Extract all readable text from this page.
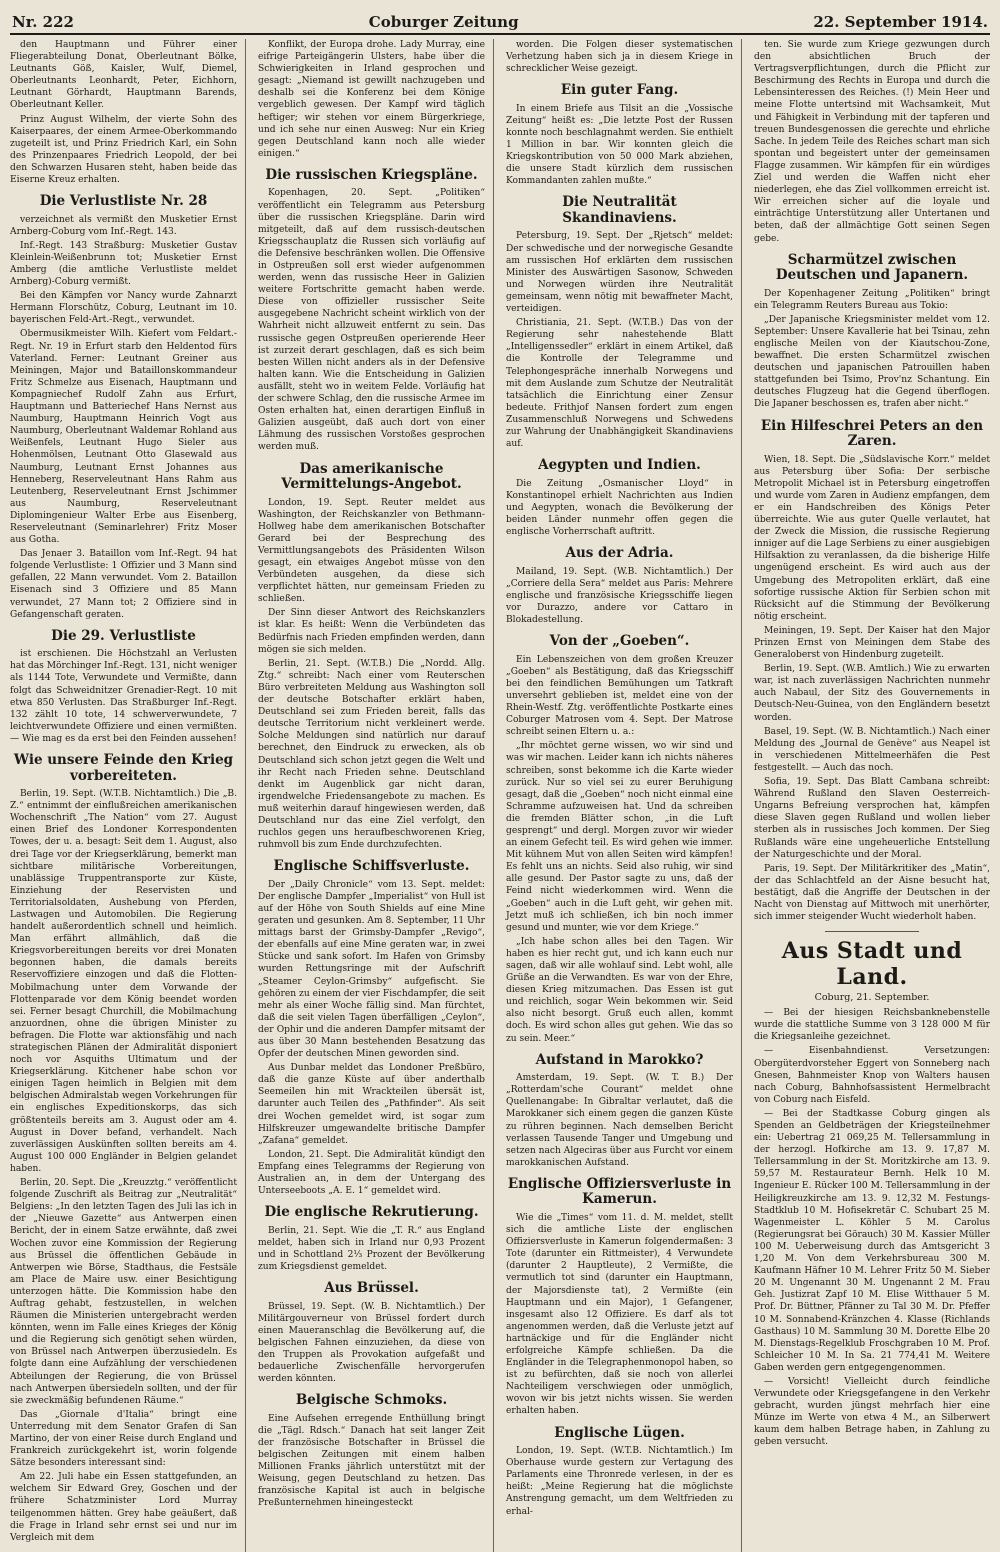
Nr. 222	Coburger Zeitung	22. September 1914.

den Hauptmann und Führer einer Fliegerabteilung Donat, Oberleutnant Bölke, Leutnants Göß, Kaisler, Wulf, Diemel, Oberleutnants Leonhardt, Peter, Eichhorn, Leutnant Görhardt, Hauptmann Barends, Oberleutnant Keller.

Prinz August Wilhelm, der vierte Sohn des Kaiserpaares, der einem Armee-Oberkommando zugeteilt ist, und Prinz Friedrich Karl, ein Sohn des Prinzenpaares Friedrich Leopold, der bei den Schwarzen Husaren steht, haben beide das Eiserne Kreuz erhalten.

Die Verlustliste Nr. 28

verzeichnet als vermißt den Musketier Ernst Arnberg-Coburg vom Inf.-Regt. 143.

Inf.-Regt. 143 Straßburg: Musketier Gustav Kleinlein-Weißenbrunn tot; Musketier Ernst Amberg (die amtliche Verlustliste meldet Arnberg)-Coburg vermißt.

Bei den Kämpfen vor Nancy wurde Zahnarzt Hermann Florschütz, Coburg, Leutnant im 10. bayerischen Feld-Art.-Regt., verwundet.

Obermusikmeister Wilh. Kiefert vom Feldart.-Regt. Nr. 19 in Erfurt starb den Heldentod fürs Vaterland. Ferner: Leutnant Greiner aus Meiningen, Major und Bataillonskommandeur Fritz Schmelze aus Eisenach, Hauptmann und Kompagniechef Rudolf Zahn aus Erfurt, Hauptmann und Batteriechef Hans Nernst aus Naumburg, Hauptmann Heinrich Vogt aus Naumburg, Oberleutnant Waldemar Rohland aus Weißenfels, Leutnant Hugo Sieler aus Hohenmölsen, Leutnant Otto Glasewald aus Naumburg, Leutnant Ernst Johannes aus Henneberg, Reserveleutnant Hans Rahm aus Leutenberg, Reserveleutnant Ernst Jschimmer aus Naumburg, Reserveleutnant Diplomingenieur Walter Erbe aus Eisenberg, Reserveleutnant (Seminarlehrer) Fritz Moser aus Gotha.

Das Jenaer 3. Bataillon vom Inf.-Regt. 94 hat folgende Verlustliste: 1 Offizier und 3 Mann sind gefallen, 22 Mann verwundet. Vom 2. Bataillon Eisenach sind 3 Offiziere und 85 Mann verwundet, 27 Mann tot; 2 Offiziere sind in Gefangenschaft geraten.

Die 29. Verlustliste

ist erschienen. Die Höchstzahl an Verlusten hat das Mörchinger Inf.-Regt. 131, nicht weniger als 1144 Tote, Verwundete und Vermißte, dann folgt das Schweidnitzer Grenadier-Regt. 10 mit etwa 850 Verlusten. Das Straßburger Inf.-Regt. 132 zählt 10 tote, 14 schwerverwundete, 7 leichtverwundete Offiziere und einen vermißten. — Wie mag es da erst bei den Feinden aussehen!

Wie unsere Feinde den Krieg vorbereiteten.

Berlin, 19. Sept. (W.T.B. Nichtamtlich.) Die „B. Z.“ entnimmt der einflußreichen amerikanischen Wochenschrift „The Nation“ vom 27. August einen Brief des Londoner Korrespondenten Towes, der u. a. besagt: Seit dem 1. August, also drei Tage vor der Kriegserklärung, bemerkt man sichtbare militärische Vorbereitungen, unablässige Truppentransporte zur Küste, Einziehung der Reservisten und Territorialsoldaten, Aushebung von Pferden, Lastwagen und Automobilen. Die Regierung handelt außerordentlich schnell und heimlich. Man erfährt allmählich, daß die Kriegsvorbereitungen bereits vor drei Monaten begonnen haben, die damals bereits Reservoffiziere einzogen und daß die Flotten-Mobilmachung unter dem Vorwande der Flottenparade vor dem König beendet worden sei. Ferner besagt Churchill, die Mobilmachung anzuordnen, ohne die übrigen Minister zu befragen. Die Flotte war aktionsfähig und nach strategischen Plänen der Admiralität disponiert noch vor Asquiths Ultimatum und der Kriegserklärung. Kitchener habe schon vor einigen Tagen heimlich in Belgien mit dem belgischen Admiralstab wegen Vorkehrungen für ein englisches Expeditionskorps, das sich größtenteils bereits am 3. August oder am 4. August in Dover befand, verhandelt. Nach zuverlässigen Auskünften sollten bereits am 4. August 100 000 Engländer in Belgien gelandet haben.

Berlin, 20. Sept. Die „Kreuzztg.“ veröffentlicht folgende Zuschrift als Beitrag zur „Neutralität“ Belgiens: „In den letzten Tagen des Juli las ich in der „Nieuwe Gazette“ aus Antwerpen einen Bericht, der in einem Satze erwähnte, daß zwei Wochen zuvor eine Kommission der Regierung aus Brüssel die öffentlichen Gebäude in Antwerpen wie Börse, Stadthaus, die Festsäle am Place de Maire usw. einer Besichtigung unterzogen hätte. Die Kommission habe den Auftrag gehabt, festzustellen, in welchen Räumen die Ministerien untergebracht werden könnten, wenn im Falle eines Krieges der König und die Regierung sich genötigt sehen würden, von Brüssel nach Antwerpen überzusiedeln. Es folgte dann eine Aufzählung der verschiedenen Abteilungen der Regierung, die von Brüssel nach Antwerpen übersiedeln sollten, und der für sie zweckmäßig befundenen Räume.“

Das „Giornale d'Italia“ bringt eine Unterredung mit dem Senator Grafen di San Martino, der von einer Reise durch England und Frankreich zurückgekehrt ist, worin folgende Sätze besonders interessant sind:

Am 22. Juli habe ein Essen stattgefunden, an welchem Sir Edward Grey, Goschen und der frühere Schatzminister Lord Murray teilgenommen hätten. Grey habe geäußert, daß die Frage in Irland sehr ernst sei und nur im Vergleich mit dem

Konflikt, der Europa drohe. Lady Murray, eine eifrige Parteigängerin Ulsters, habe über die Schwierigkeiten in Irland gesprochen und gesagt: „Niemand ist gewillt nachzugeben und deshalb sei die Konferenz bei dem Könige vergeblich gewesen. Der Kampf wird täglich heftiger; wir stehen vor einem Bürgerkriege, und ich sehe nur einen Ausweg: Nur ein Krieg gegen Deutschland kann noch alle wieder einigen.“

Die russischen Kriegspläne.

Kopenhagen, 20. Sept. „Politiken“ veröffentlicht ein Telegramm aus Petersburg über die russischen Kriegspläne. Darin wird mitgeteilt, daß auf dem russisch-deutschen Kriegsschauplatz die Russen sich vorläufig auf die Defensive beschränken wollen. Die Offensive in Ostpreußen soll erst wieder aufgenommen werden, wenn das russische Heer in Galizien weitere Fortschritte gemacht haben werde. Diese von offizieller russischer Seite ausgegebene Nachricht scheint wirklich von der Wahrheit nicht allzuweit entfernt zu sein. Das russische gegen Ostpreußen operierende Heer ist zurzeit derart geschlagen, daß es sich beim besten Willen nicht anders als in der Defensive halten kann. Wie die Entscheidung in Galizien ausfällt, steht wo in weitem Felde. Vorläufig hat der schwere Schlag, den die russische Armee im Osten erhalten hat, einen derartigen Einfluß in Galizien ausgeübt, daß auch dort von einer Lähmung des russischen Vorstoßes gesprochen werden muß.

Das amerikanische Vermittelungs-Angebot.

London, 19. Sept. Reuter meldet aus Washington, der Reichskanzler von Bethmann-Hollweg habe dem amerikanischen Botschafter Gerard bei der Besprechung des Vermittlungsangebots des Präsidenten Wilson gesagt, ein etwaiges Angebot müsse von den Verbündeten ausgehen, da diese sich verpflichtet hätten, nur gemeinsam Frieden zu schließen.

Der Sinn dieser Antwort des Reichskanzlers ist klar. Es heißt: Wenn die Verbündeten das Bedürfnis nach Frieden empfinden werden, dann mögen sie sich melden.

Berlin, 21. Sept. (W.T.B.) Die „Nordd. Allg. Ztg.“ schreibt: Nach einer vom Reuterschen Büro verbreiteten Meldung aus Washington soll der deutsche Botschafter erklärt haben, Deutschland sei zum Frieden bereit, falls das deutsche Territorium nicht verkleinert werde. Solche Meldungen sind natürlich nur darauf berechnet, den Eindruck zu erwecken, als ob Deutschland sich schon jetzt gegen die Welt und ihr Recht nach Frieden sehne. Deutschland denkt im Augenblick gar nicht daran, irgendwelche Friedensangebote zu machen. Es muß weiterhin darauf hingewiesen werden, daß Deutschland nur das eine Ziel verfolgt, den ruchlos gegen uns heraufbeschworenen Krieg, ruhmvoll bis zum Ende durchzufechten.

Englische Schiffsverluste.

Der „Daily Chronicle“ vom 13. Sept. meldet: Der englische Dampfer „Imperialist“ von Hull ist auf der Höhe von South Shields auf eine Mine geraten und gesunken. Am 8. September, 11 Uhr mittags barst der Grimsby-Dampfer „Revigo“, der ebenfalls auf eine Mine geraten war, in zwei Stücke und sank sofort. Im Hafen von Grimsby wurden Rettungsringe mit der Aufschrift „Steamer Ceylon-Grimsby“ aufgefischt. Sie gehören zu einem der vier Fischdampfer, die seit mehr als einer Woche fällig sind. Man fürchtet, daß die seit vielen Tagen überfälligen „Ceylon“, der Ophir und die anderen Dampfer mitsamt der aus über 30 Mann bestehenden Besatzung das Opfer der deutschen Minen geworden sind.

Aus Dunbar meldet das Londoner Preßbüro, daß die ganze Küste auf über anderthalb Seemeilen hin mit Wrackteilen übersät ist, darunter auch Teilen des „Pathfinder“. Als seit drei Wochen gemeldet wird, ist sogar zum Hilfskreuzer umgewandelte britische Dampfer „Zafana“ gemeldet.

London, 21. Sept. Die Admiralität kündigt den Empfang eines Telegramms der Regierung von Australien an, in dem der Untergang des Unterseeboots „A. E. 1“ gemeldet wird.

Die englische Rekrutierung.

Berlin, 21. Sept. Wie die „T. R.“ aus England meldet, haben sich in Irland nur 0,93 Prozent und in Schottland 2⅓ Prozent der Bevölkerung zum Kriegsdienst gemeldet.

Aus Brüssel.

Brüssel, 19. Sept. (W. B. Nichtamtlich.) Der Militärgouverneur von Brüssel fordert durch einen Maueranschlag die Bevölkerung auf, die belgischen Fahnen einzuziehen, da diese von den Truppen als Provokation aufgefaßt und bedauerliche Zwischenfälle hervorgerufen werden könnten.

Belgische Schmoks.

Eine Aufsehen erregende Enthüllung bringt die „Tägl. Rdsch.“ Danach hat seit langer Zeit der französische Botschafter in Brüssel die belgischen Zeitungen mit einem halben Millionen Franks jährlich unterstützt mit der Weisung, gegen Deutschland zu hetzen. Das französische Kapital ist auch in belgische Preßunternehmen hineingesteckt

worden. Die Folgen dieser systematischen Verhetzung haben sich ja in diesem Kriege in schrecklicher Weise gezeigt.

Ein guter Fang.

In einem Briefe aus Tilsit an die „Vossische Zeitung“ heißt es: „Die letzte Post der Russen konnte noch beschlagnahmt werden. Sie enthielt 1 Million in bar. Wir konnten gleich die Kriegskontribution von 50 000 Mark abziehen, die unsere Stadt kürzlich dem russischen Kommandanten zahlen mußte.“

Die Neutralität Skandinaviens.

Petersburg, 19. Sept. Der „Rjetsch“ meldet: Der schwedische und der norwegische Gesandte am russischen Hof erklärten dem russischen Minister des Auswärtigen Sasonow, Schweden und Norwegen würden ihre Neutralität gemeinsam, wenn nötig mit bewaffneter Macht, verteidigen.

Christiania, 21. Sept. (W.T.B.) Das von der Regierung sehr nahestehende Blatt „Intelligenssedler“ erklärt in einem Artikel, daß die Kontrolle der Telegramme und Telephongespräche innerhalb Norwegens und mit dem Auslande zum Schutze der Neutralität tatsächlich die Einrichtung einer Zensur bedeute. Frithjof Nansen fordert zum engen Zusammenschluß Norwegens und Schwedens zur Wahrung der Unabhängigkeit Skandinaviens auf.

Aegypten und Indien.

Die Zeitung „Osmanischer Lloyd“ in Konstantinopel erhielt Nachrichten aus Indien und Aegypten, wonach die Bevölkerung der beiden Länder nunmehr offen gegen die englische Vorherrschaft auftritt.

Aus der Adria.

Mailand, 19. Sept. (W.B. Nichtamtlich.) Der „Corriere della Sera“ meldet aus Paris: Mehrere englische und französische Kriegsschiffe liegen vor Durazzo, andere vor Cattaro in Blokadestellung.

Von der „Goeben“.

Ein Lebenszeichen von dem großen Kreuzer „Goeben“ als Bestätigung, daß das Kriegsschiff bei den feindlichen Bemühungen um Tatkraft unversehrt geblieben ist, meldet eine von der Rhein-Westf. Ztg. veröffentlichte Postkarte eines Coburger Matrosen vom 4. Sept. Der Matrose schreibt seinen Eltern u. a.:

„Ihr möchtet gerne wissen, wo wir sind und was wir machen. Leider kann ich nichts näheres schreiben, sonst bekomme ich die Karte wieder zurück. Nur so viel sei zu eurer Beruhigung gesagt, daß die „Goeben“ noch nicht einmal eine Schramme aufzuweisen hat. Und da schreiben die fremden Blätter schon, „in die Luft gesprengt“ und dergl. Morgen zuvor wir wieder an einem Gefecht teil. Es wird gehen wie immer. Mit kühnem Mut von allen Seiten wird kämpfen! Es fehlt uns an nichts. Seid also ruhig, wir sind alle gesund. Der Pastor sagte zu uns, daß der Feind nicht wiederkommen wird. Wenn die „Goeben“ auch in die Luft geht, wir gehen mit. Jetzt muß ich schließen, ich bin noch immer gesund und munter, wie vor dem Kriege.“

„Ich habe schon alles bei den Tagen. Wir haben es hier recht gut, und ich kann euch nur sagen, daß wir alle wohlauf sind. Lebt wohl, alle Grüße an die Verwandten. Es war von der Ehre, diesen Krieg mitzumachen. Das Essen ist gut und reichlich, sogar Wein bekommen wir. Seid also nicht besorgt. Gruß euch allen, kommt doch. Es wird schon alles gut gehen. Wie das so zu sein. Meer.“

Aufstand in Marokko?

Amsterdam, 19. Sept. (W. T. B.) Der „Rotterdam'sche Courant“ meldet ohne Quellenangabe: In Gibraltar verlautet, daß die Marokkaner sich einem gegen die ganzen Küste zu rühren beginnen. Nach demselben Bericht verlassen Tausende Tanger und Umgebung und setzen nach Algeciras über aus Furcht vor einem marokkanischen Aufstand.

Englische Offiziersverluste in Kamerun.

Wie die „Times“ vom 11. d. M. meldet, stellt sich die amtliche Liste der englischen Offiziersverluste in Kamerun folgendermaßen: 3 Tote (darunter ein Rittmeister), 4 Verwundete (darunter 2 Hauptleute), 2 Vermißte, die vermutlich tot sind (darunter ein Hauptmann, der Majorsdienste tat), 2 Vermißte (ein Hauptmann und ein Major), 1 Gefangener, insgesamt also 12 Offiziere. Es darf als tot angenommen werden, daß die Verluste jetzt auf hartnäckige und für die Engländer nicht erfolgreiche Kämpfe schließen. Da die Engländer in die Telegraphenmonopol haben, so ist zu befürchten, daß sie noch von allerlei Nachteiligem verschwiegen oder unmöglich, wovon wir bis jetzt nichts wissen. Sie werden erhalten haben.

Englische Lügen.

London, 19. Sept. (W.T.B. Nichtamtlich.) Im Oberhause wurde gestern zur Vertagung des Parlaments eine Thronrede verlesen, in der es heißt: „Meine Regierung hat die möglichste Anstrengung gemacht, um dem Weltfrieden zu erhal-

ten. Sie wurde zum Kriege gezwungen durch den absichtlichen Bruch der Vertragsverpflichtungen, durch die Pflicht zur Beschirmung des Rechts in Europa und durch die Lebensinteressen des Reiches. (!) Mein Heer und meine Flotte untertsind mit Wachsamkeit, Mut und Fähigkeit in Verbindung mit der tapferen und treuen Bundesgenossen die gerechte und ehrliche Sache. In jedem Teile des Reiches schart man sich spontan und begeistert unter der gemeinsamen Flagge zusammen. Wir kämpfen für ein würdiges Ziel und werden die Waffen nicht eher niederlegen, ehe das Ziel vollkommen erreicht ist. Wir erreichen sicher auf die loyale und einträchtige Unterstützung aller Untertanen und beten, daß der allmächtige Gott seinen Segen gebe.

Scharmützel zwischen Deutschen und Japanern.

Der Kopenhagener Zeitung „Politiken“ bringt ein Telegramm Reuters Bureau aus Tokio:

„Der Japanische Kriegsminister meldet vom 12. September: Unsere Kavallerie hat bei Tsinau, zehn englische Meilen von der Kiautschou-Zone, bewaffnet. Die ersten Scharmützel zwischen deutschen und japanischen Patrouillen haben stattgefunden bei Tsimo, Prov'nz Schantung. Ein deutsches Flugzeug hat die Gegend überflogen. Die Japaner beschossen es, trafen aber nicht.“

Ein Hilfeschrei Peters an den Zaren.

Wien, 18. Sept. Die „Südslavische Korr.“ meldet aus Petersburg über Sofia: Der serbische Metropolit Michael ist in Petersburg eingetroffen und wurde vom Zaren in Audienz empfangen, dem er ein Handschreiben des Königs Peter überreichte. Wie aus guter Quelle verlautet, hat der Zweck die Mission, die russische Regierung inniger auf die Lage Serbiens zu einer ausgiebigen Hilfsaktion zu veranlassen, da die bisherige Hilfe ungenügend erscheint. Es wird auch aus der Umgebung des Metropoliten erklärt, daß eine sofortige russische Aktion für Serbien schon mit Rücksicht auf die Stimmung der Bevölkerung nötig erscheint.

Meiningen, 19. Sept. Der Kaiser hat den Major Prinzen Ernst von Meiningen dem Stabe des Generaloberst von Hindenburg zugeteilt.

Berlin, 19. Sept. (W.B. Amtlich.) Wie zu erwarten war, ist nach zuverlässigen Nachrichten nunmehr auch Nabaul, der Sitz des Gouvernements in Deutsch-Neu-Guinea, von den Engländern besetzt worden.

Basel, 19. Sept. (W. B. Nichtamtlich.) Nach einer Meldung des „Journal de Genève“ aus Neapel ist in verschiedenen Mittelmeerhäfen die Pest festgestellt. — Auch das noch.

Sofia, 19. Sept. Das Blatt Cambana schreibt: Während Rußland den Slaven Oesterreich-Ungarns Befreiung versprochen hat, kämpfen diese Slaven gegen Rußland und wollen lieber sterben als in russisches Joch kommen. Der Sieg Rußlands wäre eine ungeheuerliche Entstellung der Naturgeschichte und der Moral.

Paris, 19. Sept. Der Militärkritiker des „Matin“, der das Schlachtfeld an der Aisne besucht hat, bestätigt, daß die Angriffe der Deutschen in der Nacht von Dienstag auf Mittwoch mit unerhörter, sich immer steigender Wucht wiederholt haben.

Aus Stadt und Land.
Coburg, 21. September.

— Bei der hiesigen Reichsbanknebenstelle wurde die stattliche Summe von 3 128 000 M für die Kriegsanleihe gezeichnet.

— Eisenbahndienst. Versetzungen: Obergüterdvorsteher Eggert von Sonneberg nach Gnesen, Bahnmeister Knop von Walters hausen nach Coburg, Bahnhofsassistent Hermelbracht von Coburg nach Eisfeld.

— Bei der Stadtkasse Coburg gingen als Spenden an Geldbeträgen der Kriegsteilnehmer ein: Uebertrag 21 069,25 M. Tellersammlung in der herzogl. Hofkirche am 13. 9. 17,87 M. Tellersammlung in der St. Moritzkirche am 13. 9. 59,57 M. Restaurateur Bernh. Helk 10 M. Ingenieur E. Rücker 100 M. Tellersammlung in der Heiligkreuzkirche am 13. 9. 12,32 M. Festungs-Stadtklub 10 M. Hofisekretär C. Schubart 25 M. Wagenmeister L. Köhler 5 M. Carolus (Regierungsrat bei Görauch) 30 M. Kassier Müller 100 M. Ueberweisung durch das Amtsgericht 3 1,20 M. Von dem Verkehrsbureau 300 M. Kaufmann Häfner 10 M. Lehrer Fritz 50 M. Sieber 20 M. Ungenannt 30 M. Ungenannt 2 M. Frau Geh. Justizrat Zapf 10 M. Elise Witthauer 5 M. Prof. Dr. Büttner, Pfänner zu Tal 30 M. Dr. Pfeffer 10 M. Sonnabend-Kränzchen 4. Klasse (Richlands Gasthaus) 10 M. Sammlung 30 M. Dorette Elbe 20 M. Dienstags-Regelklub Froschgraben 10 M. Prof. Schleicher 10 M. In Sa. 21 774,41 M. Weitere Gaben werden gern entgegengenommen.

— Vorsicht! Vielleicht durch feindliche Verwundete oder Kriegsgefangene in den Verkehr gebracht, wurden jüngst mehrfach hier eine Münze im Werte von etwa 4 M., an Silberwert kaum dem halben Betrage haben, in Zahlung zu geben versucht.
